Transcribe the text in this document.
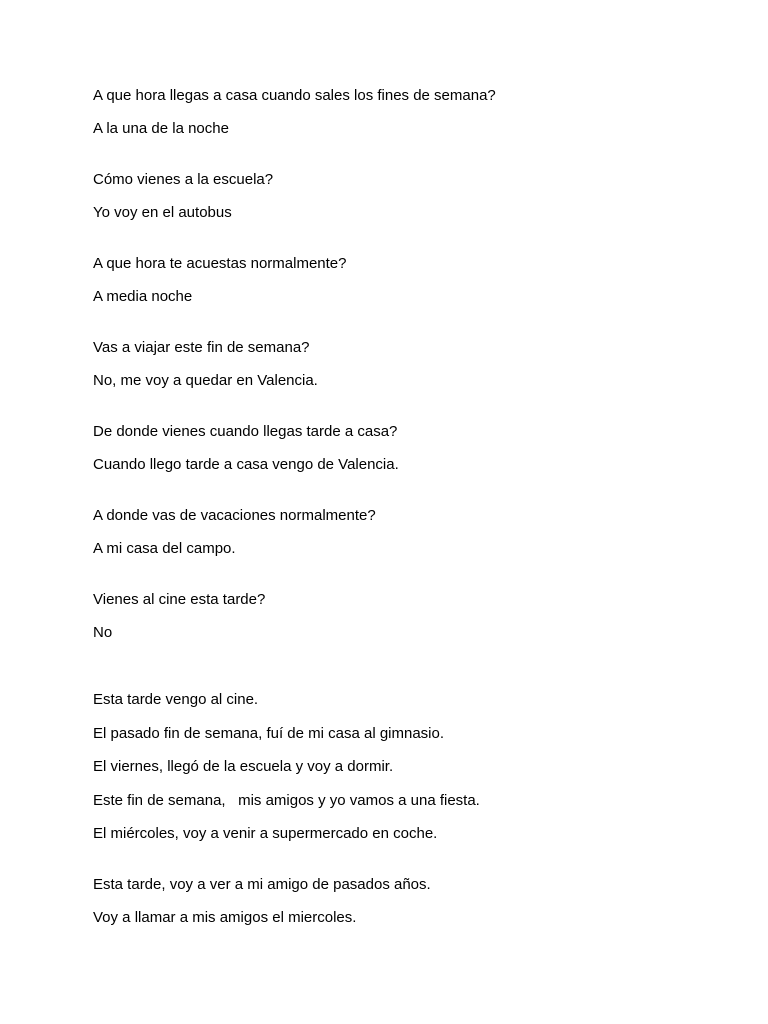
A que hora llegas a casa cuando sales los fines de semana?

A la una de la noche

Cómo vienes a la escuela?

Yo voy en el autobus

A que hora te acuestas normalmente?

A media noche

Vas a viajar este fin de semana?

No, me voy a quedar en Valencia.

De donde vienes cuando llegas tarde a casa?

Cuando llego tarde a casa vengo de Valencia.

A donde vas de vacaciones normalmente?

A mi casa del campo.

Vienes al cine esta tarde?

No

Esta tarde vengo al cine.

El pasado fin de semana, fuí de mi casa al gimnasio.

El viernes, llegó de la escuela y voy a dormir.

Este fin de semana,   mis amigos y yo vamos a una fiesta.

El miércoles, voy a venir a supermercado en coche.

Esta tarde, voy a ver a mi amigo de pasados años.

Voy a llamar a mis amigos el miercoles.
